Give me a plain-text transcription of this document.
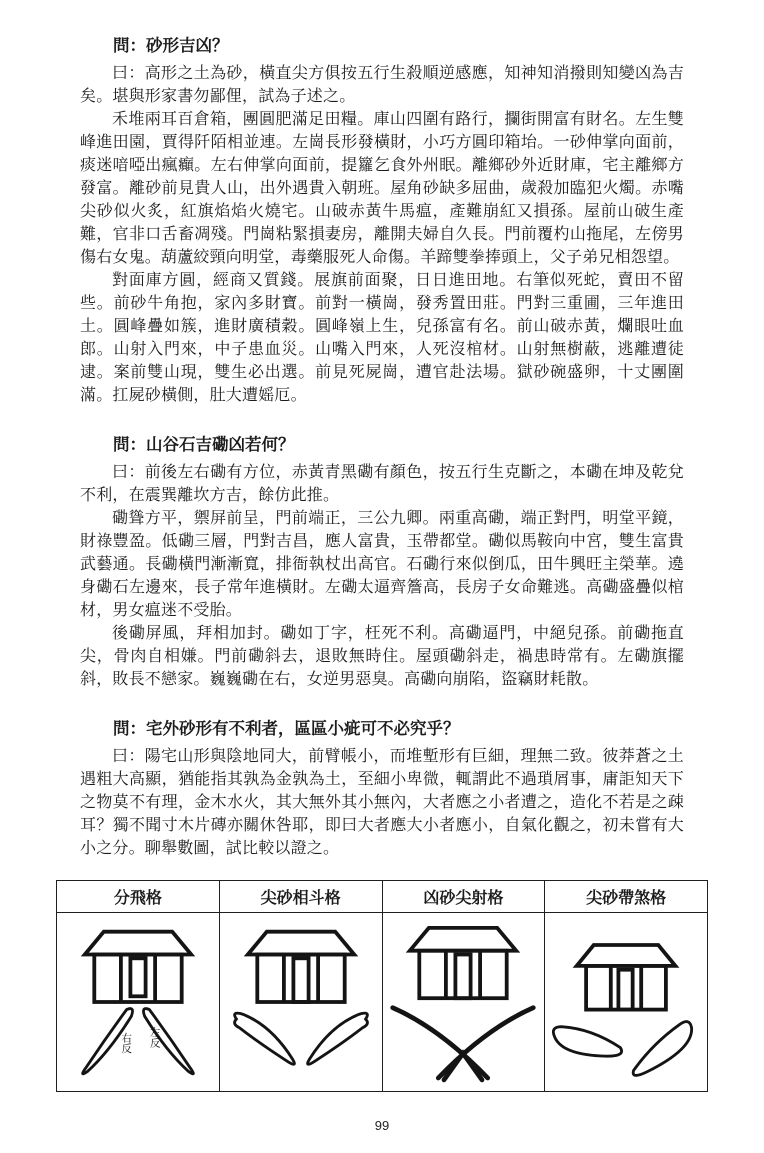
問：砂形吉凶？

曰：高形之土為砂，橫直尖方俱按五行生殺順逆感應，知神知消撥則知變凶為吉矣。堪與形家書勿鄙俚，試為子述之。

禾堆兩耳百倉箱，團圓肥滿足田糧。庫山四圍有路行，攔街開富有財名。左生雙峰進田園，賈得阡陌相並連。左崗長形發橫財，小巧方圓印箱坮。一砂伸掌向面前，痰迷喑啞出瘋癲。左右伸掌向面前，提籮乞食外州眠。離鄉砂外近財庫，宅主離鄉方發富。離砂前見貴人山，出外遇貴入朝班。屋角砂缺多屈曲，歲殺加臨犯火燭。赤嘴尖砂似火炙，紅旗焰焰火燒宅。山破赤黃牛馬瘟，產難崩紅又損孫。屋前山破生產難，官非口舌畜凋殘。門崗粘緊損妻房，離開夫婦自久長。門前覆杓山拖尾，左傍男傷右女鬼。葫蘆絞頸向明堂，毒藥服死人命傷。羊蹄雙拳捧頭上，父子弟兄相怨望。

對面庫方圓，經商又質錢。展旗前面聚，日日進田地。右筆似死蛇，賣田不留些。前砂牛角抱，家內多財寶。前對一橫崗，發秀置田莊。門對三重圃，三年進田土。圓峰疊如簇，進財廣積穀。圓峰嶺上生，兒孫富有名。前山破赤黃，爛眼吐血郎。山射入門來，中子患血災。山嘴入門來，人死沒棺材。山射無樹蔽，逃離遭徒逮。案前雙山現，雙生必出選。前見死屍崗，遭官赴法場。獄砂碗盛卵，十丈團圍滿。扛屍砂橫側，肚大遭媱厄。

問：山谷石吉磡凶若何？

曰：前後左右磡有方位，赤黃青黑磡有顏色，按五行生克斷之，本磡在坤及乾兌不利，在震巽離坎方吉，餘仿此推。

磡聳方平，禦屏前呈，門前端正，三公九卿。兩重高磡，端正對門，明堂平鏡，財祿豐盈。低磡三層，門對吉昌，應人富貴，玉帶都堂。磡似馬鞍向中宮，雙生富貴武藝通。長磡橫門漸漸寬，排衙執杖出高官。石磡行來似倒瓜，田牛興旺主榮華。遶身磡石左邊來，長子常年進橫財。左磡太逼齊簷高，長房子女命難逃。高磡盛疊似棺材，男女瘟迷不受胎。

後磡屏風，拜相加封。磡如丁字，枉死不利。高磡逼門，中絕兒孫。前磡拖直尖，骨肉自相嫌。門前磡斜去，退敗無時住。屋頭磡斜走，禍患時常有。左磡旗擺斜，敗長不戀家。巍巍磡在右，女逆男惡臭。高磡向崩陷，盜竊財耗散。

問：宅外砂形有不利者，區區小疵可不必究乎？

曰：陽宅山形與陰地同大，前臂帳小，而堆塹形有巨細，理無二致。彼莽蒼之土遇粗大高顯，猶能指其孰為金孰為土，至細小卑微，輒謂此不過瑣屑事，庸詎知天下之物莫不有理，金木水火，其大無外其小無內，大者應之小者遭之，造化不若是之疎耳？獨不聞寸木片磚亦關休咎耶，即曰大者應大小者應小，自氣化觀之，初未嘗有大小之分。聊舉數圖，試比較以證之。

分飛格	尖砂相斗格	凶砂尖射格	尖砂帶煞格

右反 左反

99
